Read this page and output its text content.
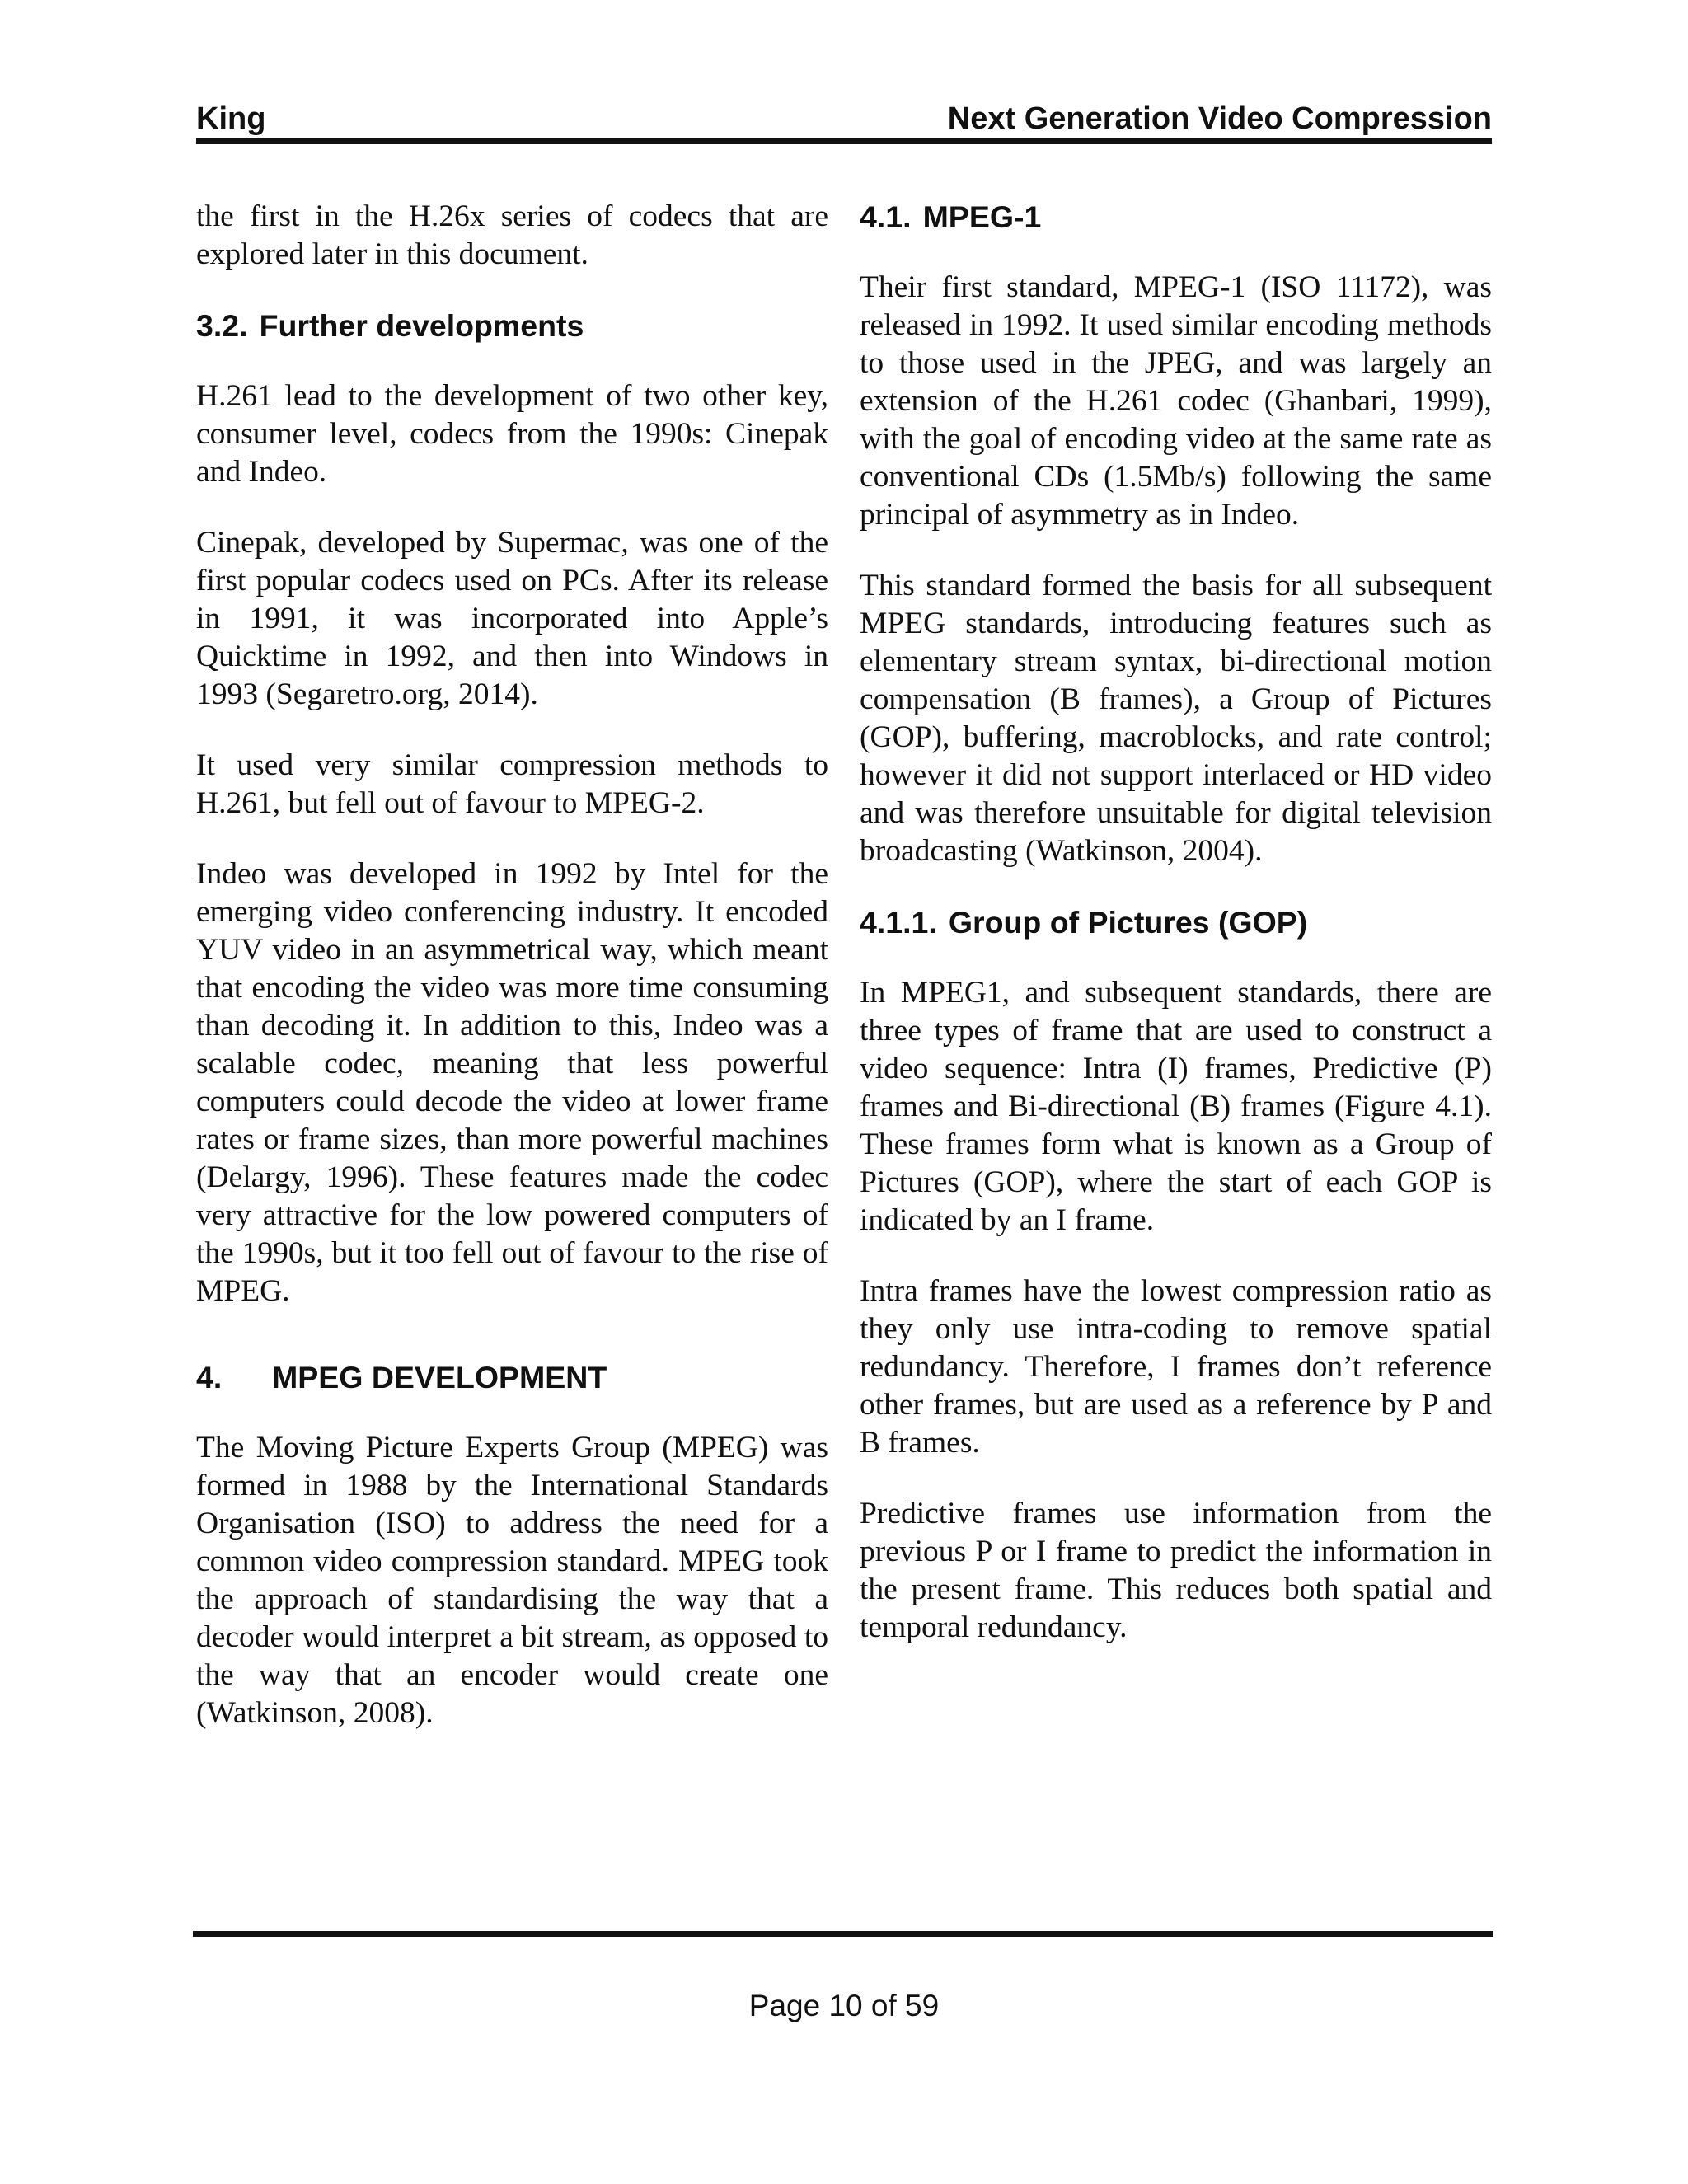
King	Next Generation Video Compression

the first in the H.26x series of codecs that are explored later in this document.

3.2. Further developments

H.261 lead to the development of two other key, consumer level, codecs from the 1990s: Cinepak and Indeo.

Cinepak, developed by Supermac, was one of the first popular codecs used on PCs. After its release in 1991, it was incorporated into Apple’s Quicktime in 1992, and then into Windows in 1993 (Segaretro.org, 2014).

It used very similar compression methods to H.261, but fell out of favour to MPEG-2.

Indeo was developed in 1992 by Intel for the emerging video conferencing industry. It encoded YUV video in an asymmetrical way, which meant that encoding the video was more time consuming than decoding it. In addition to this, Indeo was a scalable codec, meaning that less powerful computers could decode the video at lower frame rates or frame sizes, than more powerful machines (Delargy, 1996). These features made the codec very attractive for the low powered computers of the 1990s, but it too fell out of favour to the rise of MPEG.

4. MPEG DEVELOPMENT

The Moving Picture Experts Group (MPEG) was formed in 1988 by the International Standards Organisation (ISO) to address the need for a common video compression standard. MPEG took the approach of standardising the way that a decoder would interpret a bit stream, as opposed to the way that an encoder would create one (Watkinson, 2008).

4.1. MPEG-1

Their first standard, MPEG-1 (ISO 11172), was released in 1992. It used similar encoding methods to those used in the JPEG, and was largely an extension of the H.261 codec (Ghanbari, 1999), with the goal of encoding video at the same rate as conventional CDs (1.5Mb/s) following the same principal of asymmetry as in Indeo.

This standard formed the basis for all subsequent MPEG standards, introducing features such as elementary stream syntax, bi-directional motion compensation (B frames), a Group of Pictures (GOP), buffering, macroblocks, and rate control; however it did not support interlaced or HD video and was therefore unsuitable for digital television broadcasting (Watkinson, 2004).

4.1.1. Group of Pictures (GOP)

In MPEG1, and subsequent standards, there are three types of frame that are used to construct a video sequence: Intra (I) frames, Predictive (P) frames and Bi-directional (B) frames (Figure 4.1). These frames form what is known as a Group of Pictures (GOP), where the start of each GOP is indicated by an I frame.

Intra frames have the lowest compression ratio as they only use intra-coding to remove spatial redundancy. Therefore, I frames don’t reference other frames, but are used as a reference by P and B frames.

Predictive frames use information from the previous P or I frame to predict the information in the present frame. This reduces both spatial and temporal redundancy.

Page 10 of 59
